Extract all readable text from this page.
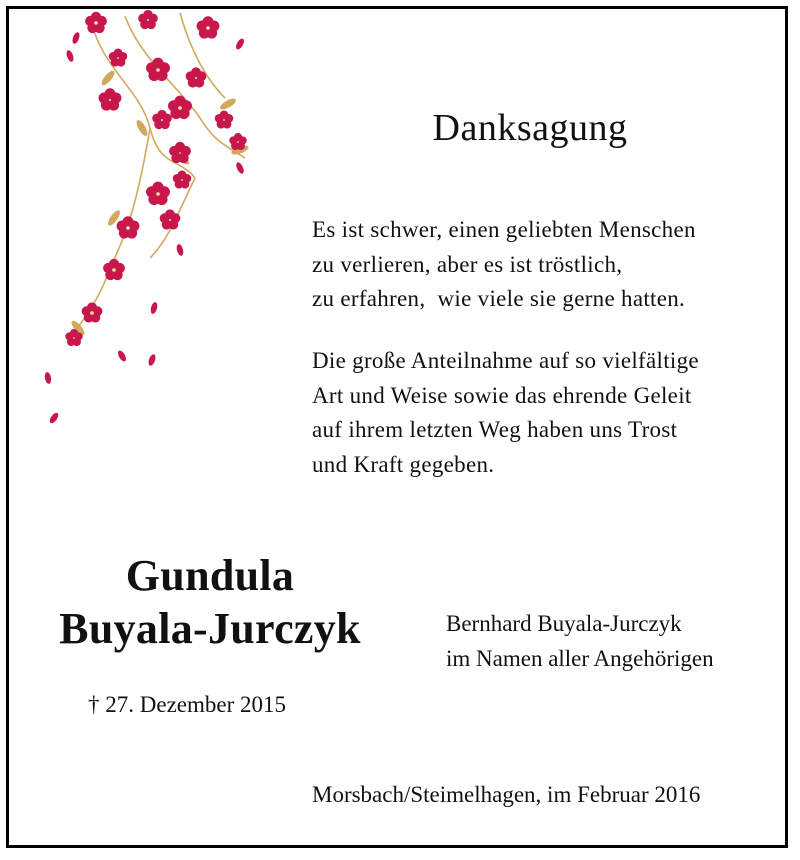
Danksagung
Es ist schwer, einen geliebten Menschen
zu verlieren, aber es ist tröstlich,
zu erfahren,  wie viele sie gerne hatten.
Die große Anteilnahme auf so vielfältige
Art und Weise sowie das ehrende Geleit
auf ihrem letzten Weg haben uns Trost
und Kraft gegeben.
Gundula
Buyala-Jurczyk
† 27. Dezember 2015
Bernhard Buyala-Jurczyk
im Namen aller Angehörigen
Morsbach/Steimelhagen, im Februar 2016
